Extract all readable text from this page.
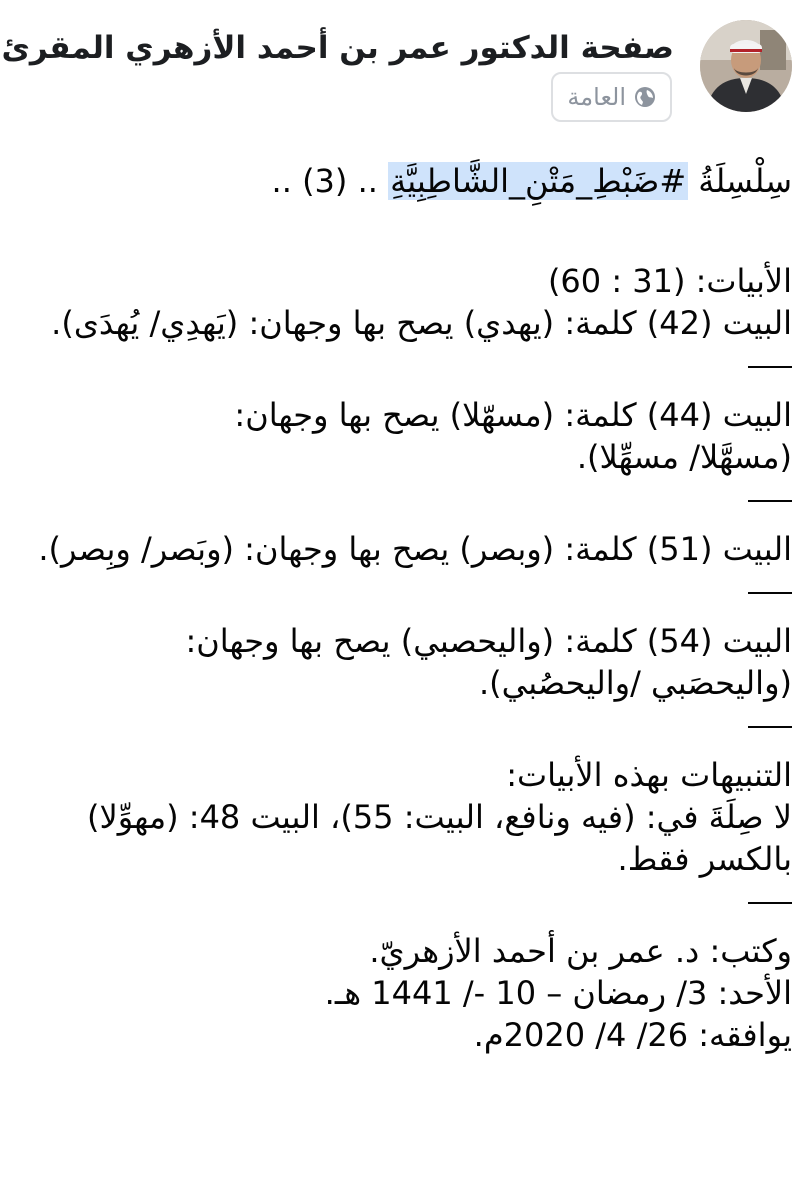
صفحة الدكتور عمر بن أحمد الأزهري المقرئ
العامة

سِلْسِلَةُ #ضَبْطِ_مَتْنِ_الشَّاطِبِيَّةِ .. (3) ..

الأبيات: (31 : 60)

البيت (42) كلمة: (يهدي) يصح بها وجهان: (يَهدِي/ يُهدَى).

البيت (44) كلمة: (مسهّلا) يصح بها وجهان:

(مسهَّلا/ مسهِّلا).

البيت (51) كلمة: (وبصر) يصح بها وجهان: (وبَصر/ وبِصر).

البيت (54) كلمة: (واليحصبي) يصح بها وجهان:

(واليحصَبي /واليحصُبي).

التنبيهات بهذه الأبيات:

لا صِلَةَ في: (فيه ونافع، البيت: 55)، البيت 48: (مهوِّلا)

بالكسر فقط.

وكتب: د. عمر بن أحمد الأزهريّ.

الأحد: 3/ رمضان – 10 -/ 1441 هـ.

يوافقه: 26/ 4/ 2020م.
